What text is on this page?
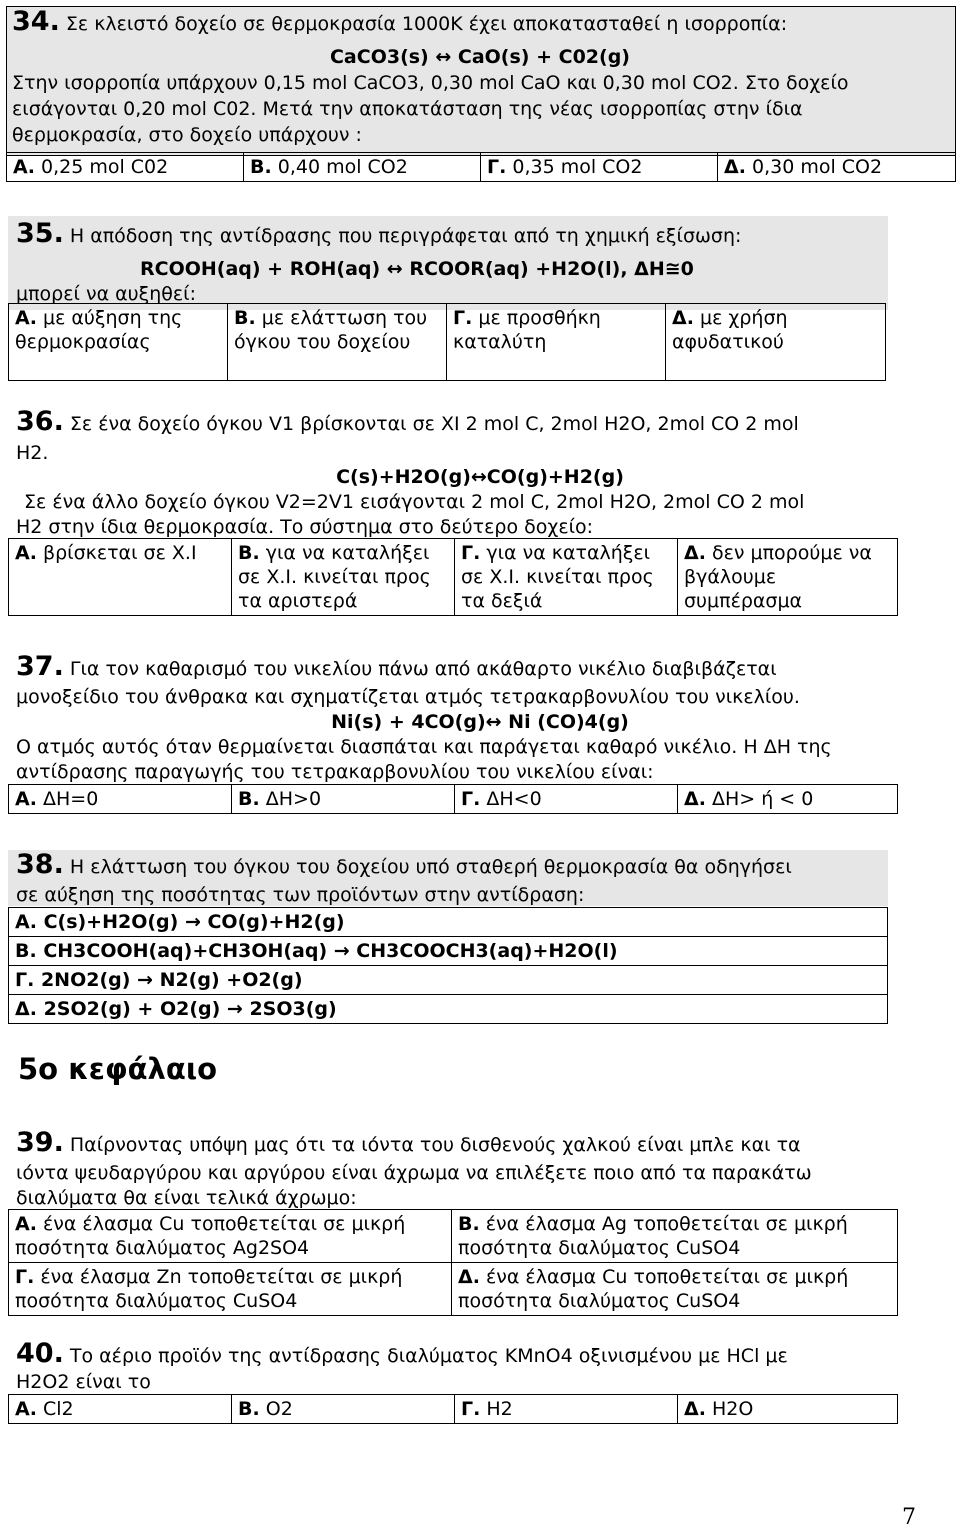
34. Σε κλειστό δοχείο σε θερμοκρασία 1000Κ έχει αποκατασταθεί η ισορροπία:
CaCO3(s) ↔ CaO(s) + C02(g)
Στην ισορροπία υπάρχουν 0,15 mol CaCO3, 0,30 mol CaO και 0,30 mol CO2. Στο δοχείο
εισάγονται 0,20 mol C02. Μετά την αποκατάσταση της νέας ισορροπίας στην ίδια
θερμοκρασία, στο δοχείο υπάρχουν :
Α. 0,25 mol C02	Β. 0,40 mol CO2	Γ. 0,35 mol CO2	Δ. 0,30 mol CO2
35. Η απόδοση της αντίδρασης που περιγράφεται από τη χημική εξίσωση:
RCOOH(aq) + ROH(aq) ↔ RCOOR(aq) +H2O(l), ΔΗ≅0
μπορεί να αυξηθεί:
Α. με αύξηση της θερμοκρασίας	Β. με ελάττωση του όγκου του δοχείου	Γ. με προσθήκη καταλύτη	Δ. με χρήση αφυδατικού
36. Σε ένα δοχείο όγκου V1 βρίσκονται σε ΧΙ 2 mol C, 2mol H2O, 2mol CO 2 mol
H2.
C(s)+H2O(g)↔CO(g)+H2(g)
Σε ένα άλλο δοχείο όγκου V2=2V1 εισάγονται 2 mol C, 2mol H2O, 2mol CO 2 mol
H2 στην ίδια θερμοκρασία. Το σύστημα στο δεύτερο δοχείο:
Α. βρίσκεται σε Χ.Ι	Β. για να καταλήξει σε Χ.Ι. κινείται προς τα αριστερά	Γ. για να καταλήξει σε Χ.Ι. κινείται προς τα δεξιά	Δ. δεν μπορούμε να βγάλουμε συμπέρασμα
37. Για τον καθαρισμό του νικελίου πάνω από ακάθαρτο νικέλιο διαβιβάζεται
μονοξείδιο του άνθρακα και σχηματίζεται ατμός τετρακαρβονυλίου του νικελίου.
Ni(s) + 4CO(g)↔ Ni (CO)4(g)
Ο ατμός αυτός όταν θερμαίνεται διασπάται και παράγεται καθαρό νικέλιο. Η ΔΗ της
αντίδρασης παραγωγής του τετρακαρβονυλίου του νικελίου είναι:
Α. ΔΗ=0	Β. ΔΗ>0	Γ. ΔΗ<0	Δ. ΔΗ> ή < 0
38. Η ελάττωση του όγκου του δοχείου υπό σταθερή θερμοκρασία θα οδηγήσει
σε αύξηση της ποσότητας των προϊόντων στην αντίδραση:
Α. C(s)+H2O(g) → CO(g)+H2(g)
Β. CH3COOH(aq)+CH3OH(aq) → CH3COOCH3(aq)+H2O(l)
Γ. 2NO2(g) → N2(g) +O2(g)
Δ. 2SO2(g) + O2(g) → 2SO3(g)
5ο κεφάλαιο
39. Παίρνοντας υπόψη μας ότι τα ιόντα του δισθενούς χαλκού είναι μπλε και τα
ιόντα ψευδαργύρου και αργύρου είναι άχρωμα να επιλέξετε ποιο από τα παρακάτω
διαλύματα θα είναι τελικά άχρωμο:
Α. ένα έλασμα Cu τοποθετείται σε μικρή ποσότητα διαλύματος Ag2SO4	Β. ένα έλασμα Ag τοποθετείται σε μικρή ποσότητα διαλύματος CuSO4
Γ. ένα έλασμα Zn τοποθετείται σε μικρή ποσότητα διαλύματος CuSO4	Δ. ένα έλασμα Cu τοποθετείται σε μικρή ποσότητα διαλύματος CuSO4
40. Το αέριο προϊόν της αντίδρασης διαλύματος KMnO4 οξινισμένου με HCl με
H2O2 είναι το
Α. Cl2	Β. O2	Γ. H2	Δ. H2O
7
